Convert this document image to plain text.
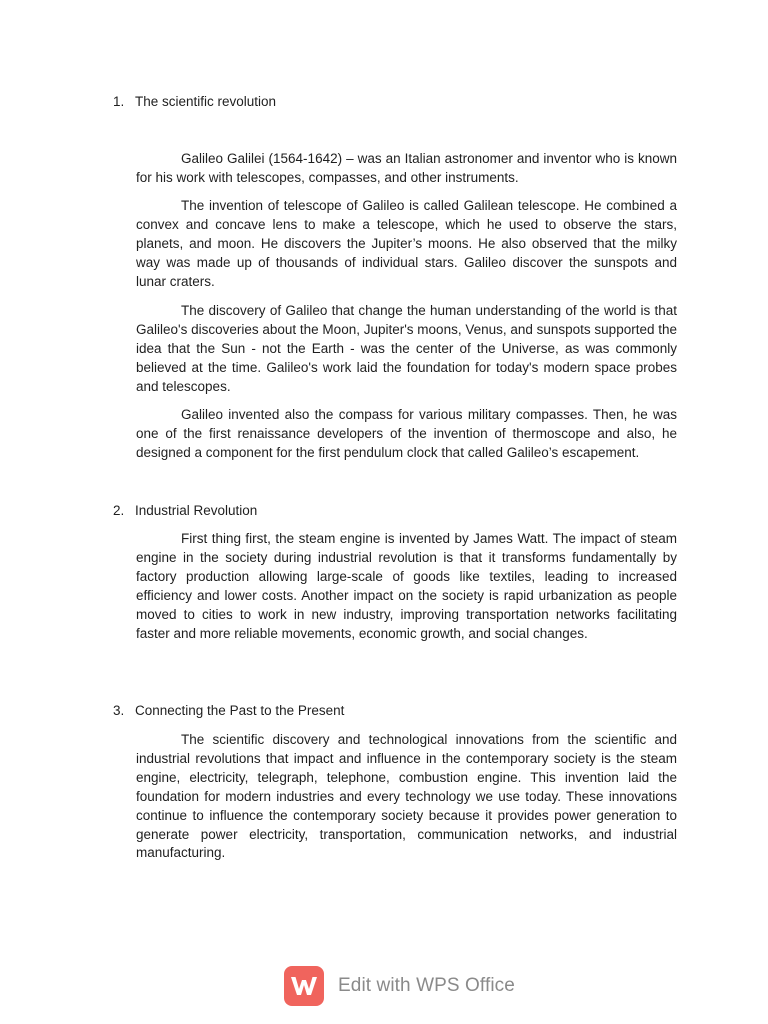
1. The scientific revolution

Galileo Galilei (1564-1642) – was an Italian astronomer and inventor who is known for his work with telescopes, compasses, and other instruments.

The invention of telescope of Galileo is called Galilean telescope. He combined a convex and concave lens to make a telescope, which he used to observe the stars, planets, and moon. He discovers the Jupiter’s moons. He also observed that the milky way was made up of thousands of individual stars. Galileo discover the sunspots and lunar craters.

The discovery of Galileo that change the human understanding of the world is that Galileo's discoveries about the Moon, Jupiter's moons, Venus, and sunspots supported the idea that the Sun - not the Earth - was the center of the Universe, as was commonly believed at the time. Galileo's work laid the foundation for today's modern space probes and telescopes.

Galileo invented also the compass for various military compasses. Then, he was one of the first renaissance developers of the invention of thermoscope and also, he designed a component for the first pendulum clock that called Galileo’s escapement.

2. Industrial Revolution

First thing first, the steam engine is invented by James Watt. The impact of steam engine in the society during industrial revolution is that it transforms fundamentally by factory production allowing large-scale of goods like textiles, leading to increased efficiency and lower costs. Another impact on the society is rapid urbanization as people moved to cities to work in new industry, improving transportation networks facilitating faster and more reliable movements, economic growth, and social changes.

3. Connecting the Past to the Present

The scientific discovery and technological innovations from the scientific and industrial revolutions that impact and influence in the contemporary society is the steam engine, electricity, telegraph, telephone, combustion engine. This invention laid the foundation for modern industries and every technology we use today. These innovations continue to influence the contemporary society because it provides power generation to generate power electricity, transportation, communication networks, and industrial manufacturing.

Edit with WPS Office
